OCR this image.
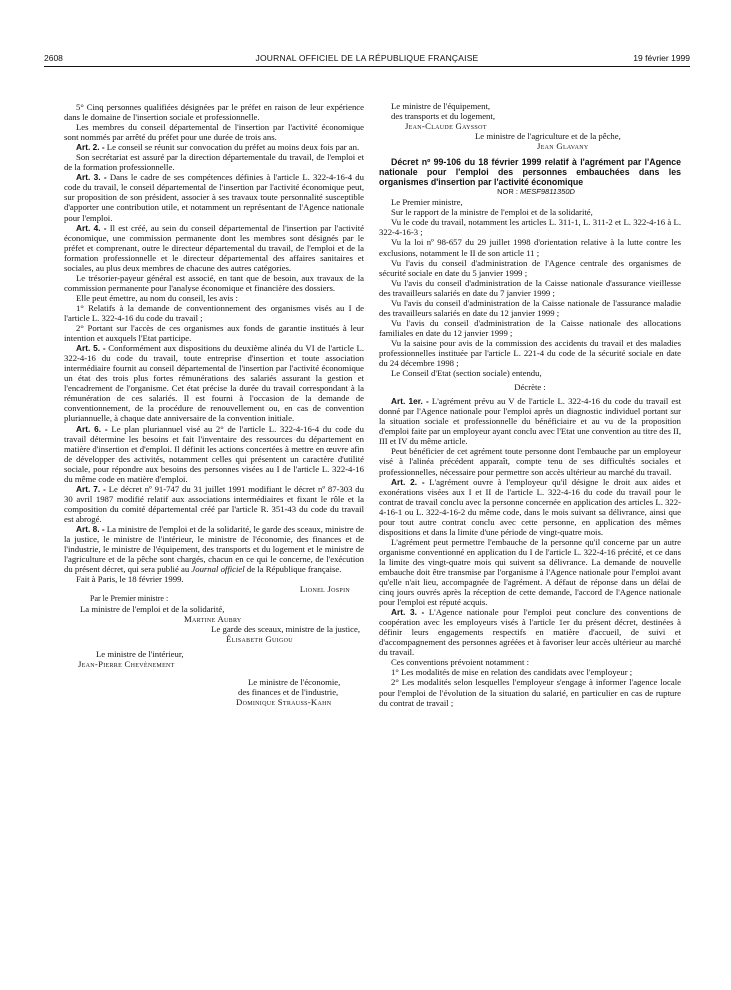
2608	JOURNAL OFFICIEL DE LA RÉPUBLIQUE FRANÇAISE	19 février 1999

5° Cinq personnes qualifiées désignées par le préfet en raison de leur expérience dans le domaine de l'insertion sociale et professionnelle.

Les membres du conseil départemental de l'insertion par l'activité économique sont nommés par arrêté du préfet pour une durée de trois ans.

Art. 2. - Le conseil se réunit sur convocation du préfet au moins deux fois par an.

Son secrétariat est assuré par la direction départementale du travail, de l'emploi et de la formation professionnelle.

Art. 3. - Dans le cadre de ses compétences définies à l'article L. 322-4-16-4 du code du travail, le conseil départemental de l'insertion par l'activité économique peut, sur proposition de son président, associer à ses travaux toute personnalité susceptible d'apporter une contribution utile, et notamment un représentant de l'Agence nationale pour l'emploi.

Art. 4. - Il est créé, au sein du conseil départemental de l'insertion par l'activité économique, une commission permanente dont les membres sont désignés par le préfet et comprenant, outre le directeur départemental du travail, de l'emploi et de la formation professionnelle et le directeur départemental des affaires sanitaires et sociales, au plus deux membres de chacune des autres catégories.

Le trésorier-payeur général est associé, en tant que de besoin, aux travaux de la commission permanente pour l'analyse économique et financière des dossiers.

Elle peut émettre, au nom du conseil, les avis :

1° Relatifs à la demande de conventionnement des organismes visés au I de l'article L. 322-4-16 du code du travail ;

2° Portant sur l'accès de ces organismes aux fonds de garantie institués à leur intention et auxquels l'Etat participe.

Art. 5. - Conformément aux dispositions du deuxième alinéa du VI de l'article L. 322-4-16 du code du travail, toute entreprise d'insertion et toute association intermédiaire fournit au conseil départemental de l'insertion par l'activité économique un état des trois plus fortes rémunérations des salariés assurant la gestion et l'encadrement de l'organisme. Cet état précise la durée du travail correspondant à la rémunération de ces salariés. Il est fourni à l'occasion de la demande de conventionnement, de la procédure de renouvellement ou, en cas de convention pluriannuelle, à chaque date anniversaire de la convention initiale.

Art. 6. - Le plan pluriannuel visé au 2° de l'article L. 322-4-16-4 du code du travail détermine les besoins et fait l'inventaire des ressources du département en matière d'insertion et d'emploi. Il définit les actions concertées à mettre en œuvre afin de développer des activités, notamment celles qui présentent un caractère d'utilité sociale, pour répondre aux besoins des personnes visées au I de l'article L. 322-4-16 du même code en matière d'emploi.

Art. 7. - Le décret nº 91-747 du 31 juillet 1991 modifiant le décret nº 87-303 du 30 avril 1987 modifié relatif aux associations intermédiaires et fixant le rôle et la composition du comité départemental créé par l'article R. 351-43 du code du travail est abrogé.

Art. 8. - La ministre de l'emploi et de la solidarité, le garde des sceaux, ministre de la justice, le ministre de l'intérieur, le ministre de l'économie, des finances et de l'industrie, le ministre de l'équipement, des transports et du logement et le ministre de l'agriculture et de la pêche sont chargés, chacun en ce qui le concerne, de l'exécution du présent décret, qui sera publié au Journal officiel de la République française.

Fait à Paris, le 18 février 1999.

Lionel Jospin

Par le Premier ministre :

La ministre de l'emploi et de la solidarité,

Martine Aubry

Le garde des sceaux, ministre de la justice,

Élisabeth Guigou

Le ministre de l'intérieur,

Jean-Pierre Chevènement

Le ministre de l'économie,

des finances et de l'industrie,

Dominique Strauss-Kahn

Le ministre de l'équipement,

des transports et du logement,

Jean-Claude Gayssot

Le ministre de l'agriculture et de la pêche,

Jean Glavany

Décret nº 99-106 du 18 février 1999 relatif à l'agrément par l'Agence nationale pour l'emploi des personnes embauchées dans les organismes d'insertion par l'activité économique

NOR : MESF9811350D

Le Premier ministre,

Sur le rapport de la ministre de l'emploi et de la solidarité,

Vu le code du travail, notamment les articles L. 311-1, L. 311-2 et L. 322-4-16 à L. 322-4-16-3 ;

Vu la loi nº 98-657 du 29 juillet 1998 d'orientation relative à la lutte contre les exclusions, notamment le II de son article 11 ;

Vu l'avis du conseil d'administration de l'Agence centrale des organismes de sécurité sociale en date du 5 janvier 1999 ;

Vu l'avis du conseil d'administration de la Caisse nationale d'assurance vieillesse des travailleurs salariés en date du 7 janvier 1999 ;

Vu l'avis du conseil d'administration de la Caisse nationale de l'assurance maladie des travailleurs salariés en date du 12 janvier 1999 ;

Vu l'avis du conseil d'administration de la Caisse nationale des allocations familiales en date du 12 janvier 1999 ;

Vu la saisine pour avis de la commission des accidents du travail et des maladies professionnelles instituée par l'article L. 221-4 du code de la sécurité sociale en date du 24 décembre 1998 ;

Le Conseil d'Etat (section sociale) entendu,

Décrète :

Art. 1er. - L'agrément prévu au V de l'article L. 322-4-16 du code du travail est donné par l'Agence nationale pour l'emploi après un diagnostic individuel portant sur la situation sociale et professionnelle du bénéficiaire et au vu de la proposition d'emploi faite par un employeur ayant conclu avec l'Etat une convention au titre des II, III et IV du même article.

Peut bénéficier de cet agrément toute personne dont l'embauche par un employeur visé à l'alinéa précédent apparaît, compte tenu de ses difficultés sociales et professionnelles, nécessaire pour permettre son accès ultérieur au marché du travail.

Art. 2. - L'agrément ouvre à l'employeur qu'il désigne le droit aux aides et exonérations visées aux I et II de l'article L. 322-4-16 du code du travail pour le contrat de travail conclu avec la personne concernée en application des articles L. 322-4-16-1 ou L. 322-4-16-2 du même code, dans le mois suivant sa délivrance, ainsi que pour tout autre contrat conclu avec cette personne, en application des mêmes dispositions et dans la limite d'une période de vingt-quatre mois.

L'agrément peut permettre l'embauche de la personne qu'il concerne par un autre organisme conventionné en application du I de l'article L. 322-4-16 précité, et ce dans la limite des vingt-quatre mois qui suivent sa délivrance. La demande de nouvelle embauche doit être transmise par l'organisme à l'Agence nationale pour l'emploi avant qu'elle n'ait lieu, accompagnée de l'agrément. A défaut de réponse dans un délai de cinq jours ouvrés après la réception de cette demande, l'accord de l'Agence nationale pour l'emploi est réputé acquis.

Art. 3. - L'Agence nationale pour l'emploi peut conclure des conventions de coopération avec les employeurs visés à l'article 1er du présent décret, destinées à définir leurs engagements respectifs en matière d'accueil, de suivi et d'accompagnement des personnes agréées et à favoriser leur accès ultérieur au marché du travail.

Ces conventions prévoient notamment :

1° Les modalités de mise en relation des candidats avec l'employeur ;

2° Les modalités selon lesquelles l'employeur s'engage à informer l'agence locale pour l'emploi de l'évolution de la situation du salarié, en particulier en cas de rupture du contrat de travail ;
